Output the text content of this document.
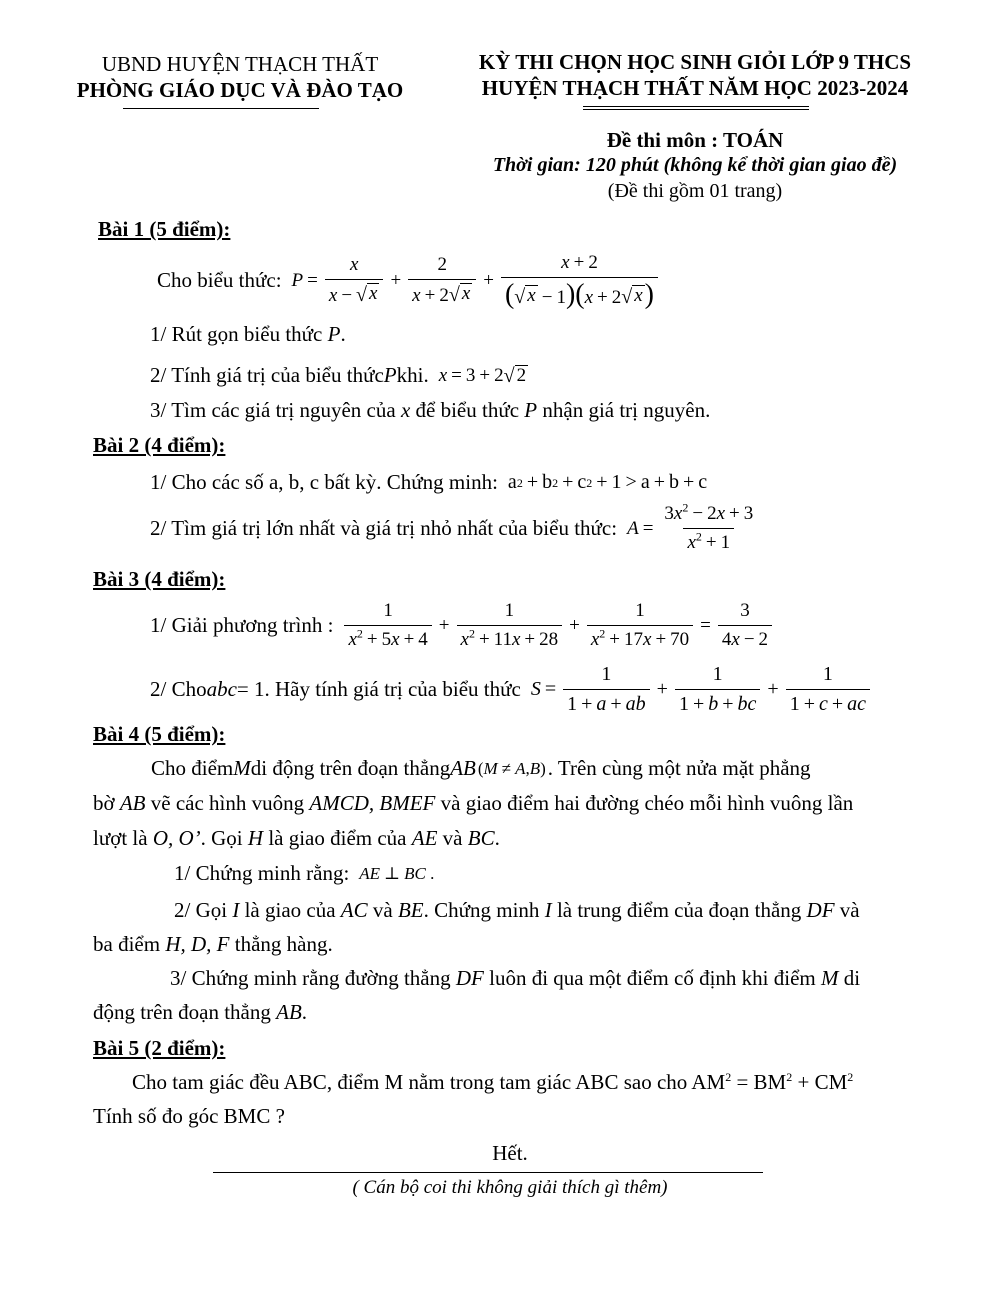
UBND HUYỆN THẠCH THẤT
PHÒNG GIÁO DỤC VÀ ĐÀO TẠO
KỲ THI CHỌN HỌC SINH GIỎI LỚP 9 THCS
HUYỆN THẠCH THẤT NĂM HỌC 2023-2024
Đề thi môn : TOÁN
Thời gian: 120 phút (không kể thời gian giao đề)
(Đề thi gồm 01 trang)
Bài 1 (5 điểm):
Cho biểu thức: $P = \frac{x}{x - √ x} + \frac{2}{x + 2 √ x} + \frac{x + 2}{( √ x - 1)(x + 2 √ x )}$
1/ Rút gọn biểu thức P.
2/ Tính giá trị của biểu thức P khi. x = 3 + 2 √ 2
3/ Tìm các giá trị nguyên của x để biểu thức P nhận giá trị nguyên.
Bài 2 (4 điểm):
1/ Cho các số a, b, c bất kỳ. Chứng minh: a 2 + b 2 + c 2 + 1 > a + b + c
2/ Tìm giá trị lớn nhất và giá trị nhỏ nhất của biểu thức: $A = \frac{3x^2 - 2x + 3}{x^2 + 1}$
Bài 3 (4 điểm):
1/ Giải phương trình : $\frac{1}{x^2 + 5x + 4} + \frac{1}{x^2 + 11x + 28} + \frac{1}{x^2 + 17x + 70} = \frac{3}{4x - 2}$
2/ Cho abc = 1. Hãy tính giá trị của biểu thức $S = \frac{1}{1 + a + ab} + \frac{1}{1 + b + bc} + \frac{1}{1 + c + ac}$
Bài 4 (5 điểm):
Cho điểm M di động trên đoạn thẳng AB ( M ≠ A , B ) . Trên cùng một nửa mặt phẳng
bờ AB vẽ các hình vuông AMCD, BMEF và giao điểm hai đường chéo mỗi hình vuông lần
lượt là O, O’. Gọi H là giao điểm của AE và BC.
1/ Chứng minh rằng: AE ⊥ BC .
2/ Gọi I là giao của AC và BE. Chứng minh I là trung điểm của đoạn thẳng DF và
ba điểm H, D, F thẳng hàng.
3/ Chứng minh rằng đường thẳng DF luôn đi qua một điểm cố định khi điểm M di
động trên đoạn thẳng AB.
Bài 5 (2 điểm):
Cho tam giác đều ABC, điểm M nằm trong tam giác ABC sao cho $AM^2 = BM^2 + CM^2$
Tính số đo góc BMC ?
Hết.
( Cán bộ coi thi không giải thích gì thêm)
